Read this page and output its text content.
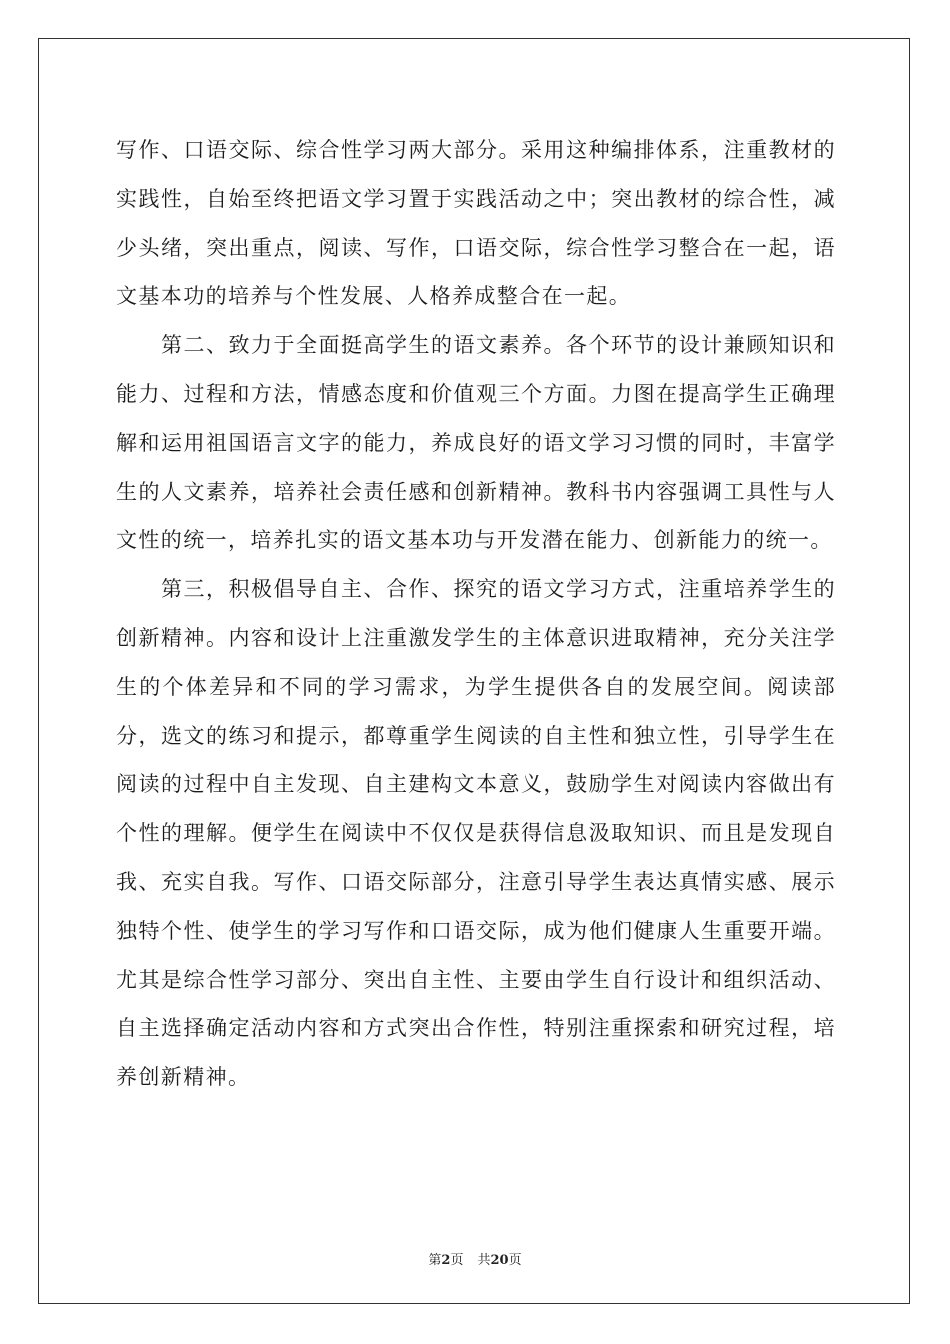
写作、口语交际、综合性学习两大部分。采用这种编排体系，注重教材的实践性，自始至终把语文学习置于实践活动之中；突出教材的综合性，减少头绪，突出重点，阅读、写作，口语交际，综合性学习整合在一起，语文基本功的培养与个性发展、人格养成整合在一起。

第二、致力于全面挺高学生的语文素养。各个环节的设计兼顾知识和能力、过程和方法，情感态度和价值观三个方面。力图在提高学生正确理解和运用祖国语言文字的能力，养成良好的语文学习习惯的同时，丰富学生的人文素养，培养社会责任感和创新精神。教科书内容强调工具性与人文性的统一，培养扎实的语文基本功与开发潜在能力、创新能力的统一。

第三，积极倡导自主、合作、探究的语文学习方式，注重培养学生的创新精神。内容和设计上注重激发学生的主体意识进取精神，充分关注学生的个体差异和不同的学习需求，为学生提供各自的发展空间。阅读部分，选文的练习和提示，都尊重学生阅读的自主性和独立性，引导学生在阅读的过程中自主发现、自主建构文本意义，鼓励学生对阅读内容做出有个性的理解。便学生在阅读中不仅仅是获得信息汲取知识、而且是发现自我、充实自我。写作、口语交际部分，注意引导学生表达真情实感、展示独特个性、使学生的学习写作和口语交际，成为他们健康人生重要开端。尤其是综合性学习部分、突出自主性、主要由学生自行设计和组织活动、自主选择确定活动内容和方式突出合作性，特别注重探索和研究过程，培养创新精神。

第2页 共20页
